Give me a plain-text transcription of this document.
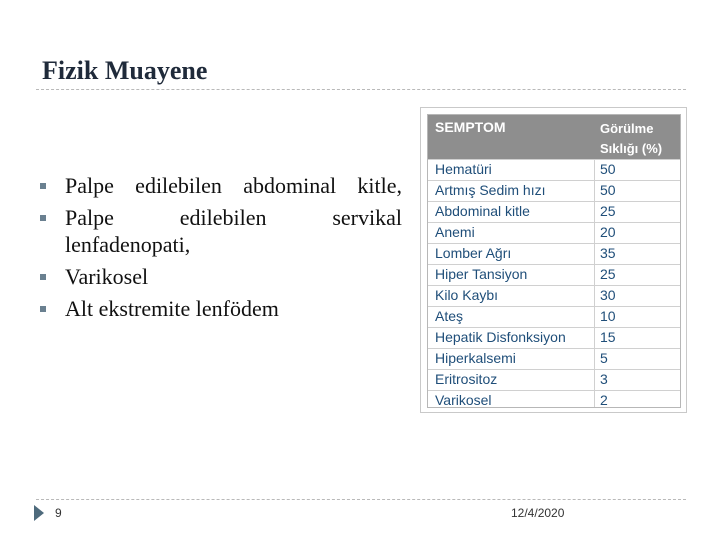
Fizik Muayene
Palpe edilebilen abdominal kitle,
Palpe edilebilen servikal lenfadenopati,
Varikosel
Alt ekstremite lenfödem
SEMPTOM	Görülme
Sıklığı (%)
Hematüri	50
Artmış Sedim hızı	50
Abdominal kitle	25
Anemi	20
Lomber Ağrı	35
Hiper Tansiyon	25
Kilo Kaybı	30
Ateş	10
Hepatik Disfonksiyon 15
Hiperkalsemi	5
Eritrositoz	3
Varikosel	2
9	12/4/2020
